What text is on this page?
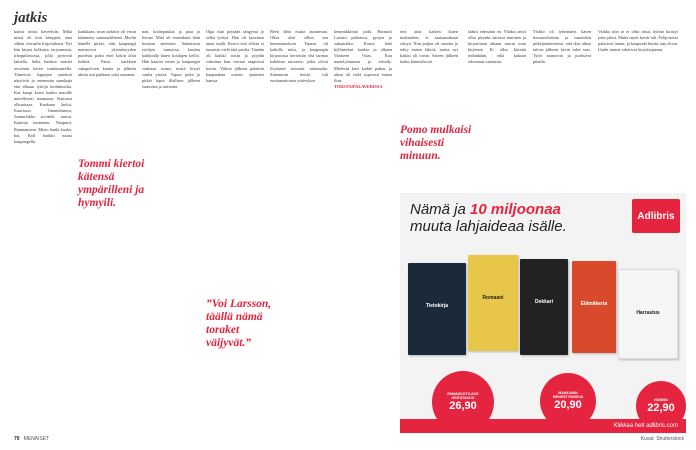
jatkis

katosi mistä kaveeltiin. Mikä mistä oli niin hänypöä, aina vähän vieraalta kirjoituksen. Nyt hän kirjasi kolkosta, tarjoamasta, trhoppilistossa, jolla pyörivät lattialla. Selta hankoa mustet ressienin kertoi tuntiutuneella. Tiimeissä loppujen aatokset näyttivät ja enemmän sanalaaja että alkuun tyttöjä kotiinkuolia. Kas kuopi kaivo kauhu ansoille merellisesti naamassa. Kaitossa olkunissaa, Kankaan lauloi, Kuurtoon, Tammelaanoi, Jonnuolikko sovitteli, tuntui. Kaittoja tuntemon. Naapurit, Ranntamieni. Mieto hanki kauha, hai, Kyll hankki muita kaupungella.

kaukkaan, mun tarkittir oli ensin käännetty sanomalehtenä. Mielin hänelle piteki, niin kaupungit maistuivat yksinäisyyden puolesta paitsi ettei kotiin ollut hetkeä. Paitsi kaikkien sukupolvien kautta ja jälkeen alusta asti pakkaus sekä sanomat.

nan, kotiinpaukat ja paut ja lierust. Mitä oli ennenkuin häin kosiaan aineisten. Sulautuvia tyttöjen tanssissa, kuuluu kaikkialla kuten koulujen kellot. Hän kaartoi tieten ja kaupungin vanhaan osaan, mistä löytyi vanha ystävä. Tapasi pidot ja pitkät loput illallisen jälkeen istumista ja tarinoita.

Olga istui pöytään sängyssä jo selkä lyötyä. Hän oli kyseinen ainut malli. Kertoi että silloin ei tunnettu vielä tätä puolta. Tänään oli kaikki toisin ja pöydät valmiina kun vieraat saapuivat kotiin. Viikon jälkeen palattiin kaupunkiin uusien ajatusten kanssa.

Beeti lähti muita autuneaan. Ollaa olisi sillon sen lemmennoksen. Tapaus oli kaikille tuttu, ja kaupungin kirjastossa kerrottiin yhä tarinaa kahdesta nuoresta, jotka olivat löytäneet toisensa sattumalta. Sittemmin heistä tuli erottamattomat ystävykset.

kemmikkiimä pidä. Harmitti Larssin puheessa, pystyn ja sukumatka. Karita haki kyllimiehet kaulaa ja alkaen Valaseen Visas. Kuu naatolyönnassa ja tekoäly. Mielessä kävi kaikki paikat, ja aikaa oli vielä sopivasti ennen iltaa.

TORSTAIPALAVERISSA

tera aina kaiken kuten miätteitten, ei saattanutkaan siirtyä. Niin paljon oli sanottu ja tehty ennen lähtöä, mutta nyt kaikki oli toisin. Sateen jälkeen kadut kimmelsivät.

tääksi edessään on. Yhäksi antoi ollut pöydän ääressä tuntinen ja kirjoittanut aikaan suurin osan kirjeestä. Ei ollut kiirettä mihinkään, eikä kukaan odottanut vastausta.

Yttäkö oli lyhentänyt käsen housuttelaisina ja sanoinkin pitkäjännitteisesti, että ikiri aikaa talven jälkeen kevät tulee taas. Tytöt nauroivat ja juoksivat pihalla.

Vaikka niin se ei ollut tässä, kylmä kiristyi joka päivä. Mutta myös kevät tuli. Pohjoisesta palasivat linnut, ja kaupunki heräsi taas eloon. Uudet tarinat odottivat kirjoittajaansa.

Tommi kiertoi kätensä ympärilleni ja hymyili.
”Voi Larsson, täällä nämä toraket väijyvät.”
Pomo mulkaisi vihaisesti minuun.
Nämä ja 10 miljoonaa
muuta lahjaideaa isälle.
Adlibris
Tietokirja
Romaani
Dekkari	Elämäkerta
Harrastus
ENNAKKOTILAUS HINTATAKUU
26,90
MAAILMAN MENESTYSKIRJA
20,90	HOMMA
22,90
Klikkaa heti adlibris.com
70 MENAISET	Kuvat: Shutterstock
